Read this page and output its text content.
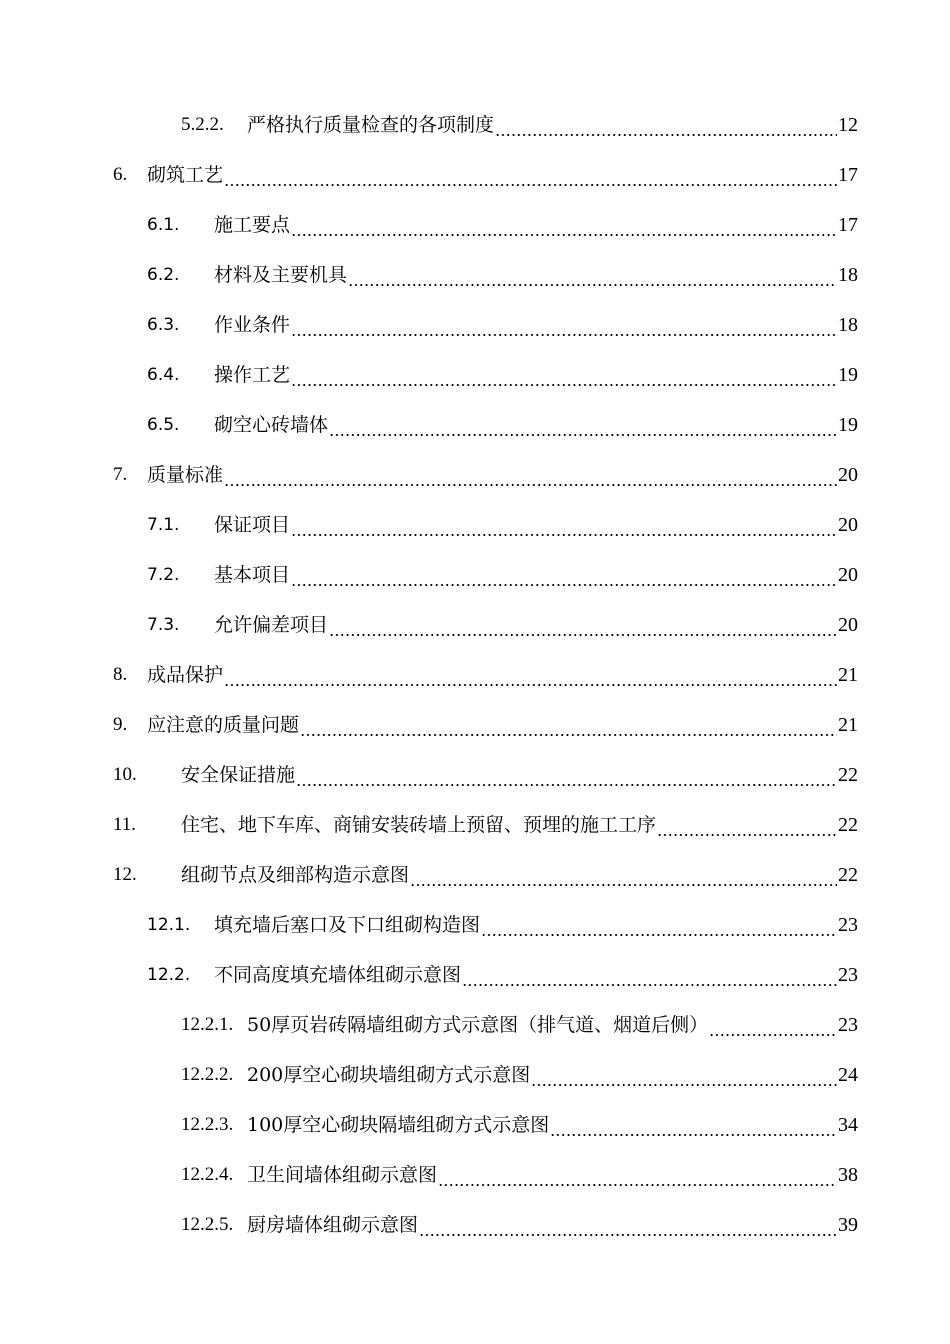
5.2.2.	严格执行质量检查的各项制度	12
6.	砌筑工艺	17
6.1.	施工要点	17
6.2.	材料及主要机具	18
6.3.	作业条件	18
6.4.	操作工艺	19
6.5.	砌空心砖墙体	19
7.	质量标准	20
7.1.	保证项目	20
7.2.	基本项目	20
7.3.	允许偏差项目	20
8.	成品保护	21
9.	应注意的质量问题	21
10.	安全保证措施	22
11.	住宅、地下车库、商铺安装砖墙上预留、预埋的施工工序	22
12.	组砌节点及细部构造示意图	22
12.1.	填充墙后塞口及下口组砌构造图	23
12.2.	不同高度填充墙体组砌示意图	23
12.2.1. 50厚页岩砖隔墙组砌方式示意图（排气道、烟道后侧）	23
12.2.2. 200厚空心砌块墙组砌方式示意图	24
12.2.3. 100厚空心砌块隔墙组砌方式示意图	34
12.2.4. 卫生间墙体组砌示意图	38
12.2.5. 厨房墙体组砌示意图	39
